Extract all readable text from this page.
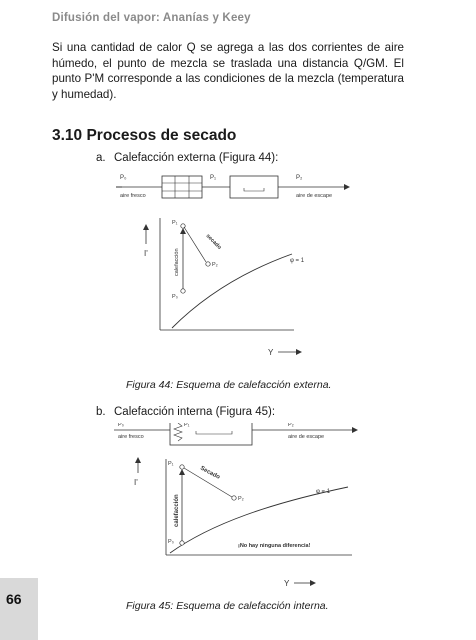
Difusión del vapor: Ananías y Keey
Si una cantidad de calor Q se agrega a las dos corrientes de aire húmedo, el punto de mezcla se traslada una distancia Q/GM. El punto P'M corresponde a las condiciones de la mezcla (temperatura y humedad).
3.10 Procesos de secado
a. Calefacción externa (Figura 44):
P₀
aire fresco
P₁	P₂
aire de escape
I'
Y
φ = 1
P₁
P₀
P₂
calefacción
secado
Figura 44: Esquema de calefacción externa.
b. Calefacción interna (Figura 45):
P₀
aire fresco
P₁	P₂
aire de escape
I'
Y
φ = 1
P₁
P₀
P₂
calefacción
Secado
¡No hay ninguna diferencia!
Figura 45: Esquema de calefacción interna.
66
